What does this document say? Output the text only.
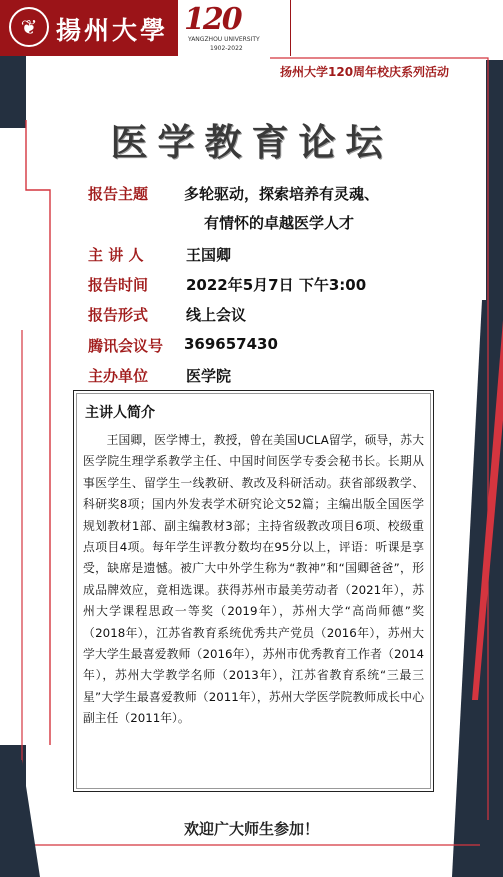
❦ 揚州大學 120
YANGZHOU UNIVERSITY
1902-2022
扬州大学120周年校庆系列活动
医学教育论坛
报告主题 多轮驱动，探索培养有灵魂、
有情怀的卓越医学人才
主 讲 人	王国卿
报告时间	2022年5月7日 下午3:00
报告形式	线上会议
腾讯会议号 369657430
主办单位	医学院
主讲人简介

王国卿，医学博士，教授，曾在美国UCLA留学，硕导，苏大医学院生理学系教学主任、中国时间医学专委会秘书长。长期从事医学生、留学生一线教研、教改及科研活动。获省部级教学、科研奖8项；国内外发表学术研究论文52篇；主编出版全国医学规划教材1部、副主编教材3部；主持省级教改项目6项、校级重点项目4项。每年学生评教分数均在95分以上，评语：听课是享受，缺席是遗憾。被广大中外学生称为“教神”和“国卿爸爸”，形成品牌效应，竟相选课。获得苏州市最美劳动者（2021年），苏州大学课程思政一等奖（2019年），苏州大学“高尚师德”奖（2018年），江苏省教育系统优秀共产党员（2016年），苏州大学大学生最喜爱教师（2016年），苏州市优秀教育工作者（2014年），苏州大学教学名师（2013年），江苏省教育系统“三最三星”大学生最喜爱教师（2011年），苏州大学医学院教师成长中心副主任（2011年）。

欢迎广大师生参加！
